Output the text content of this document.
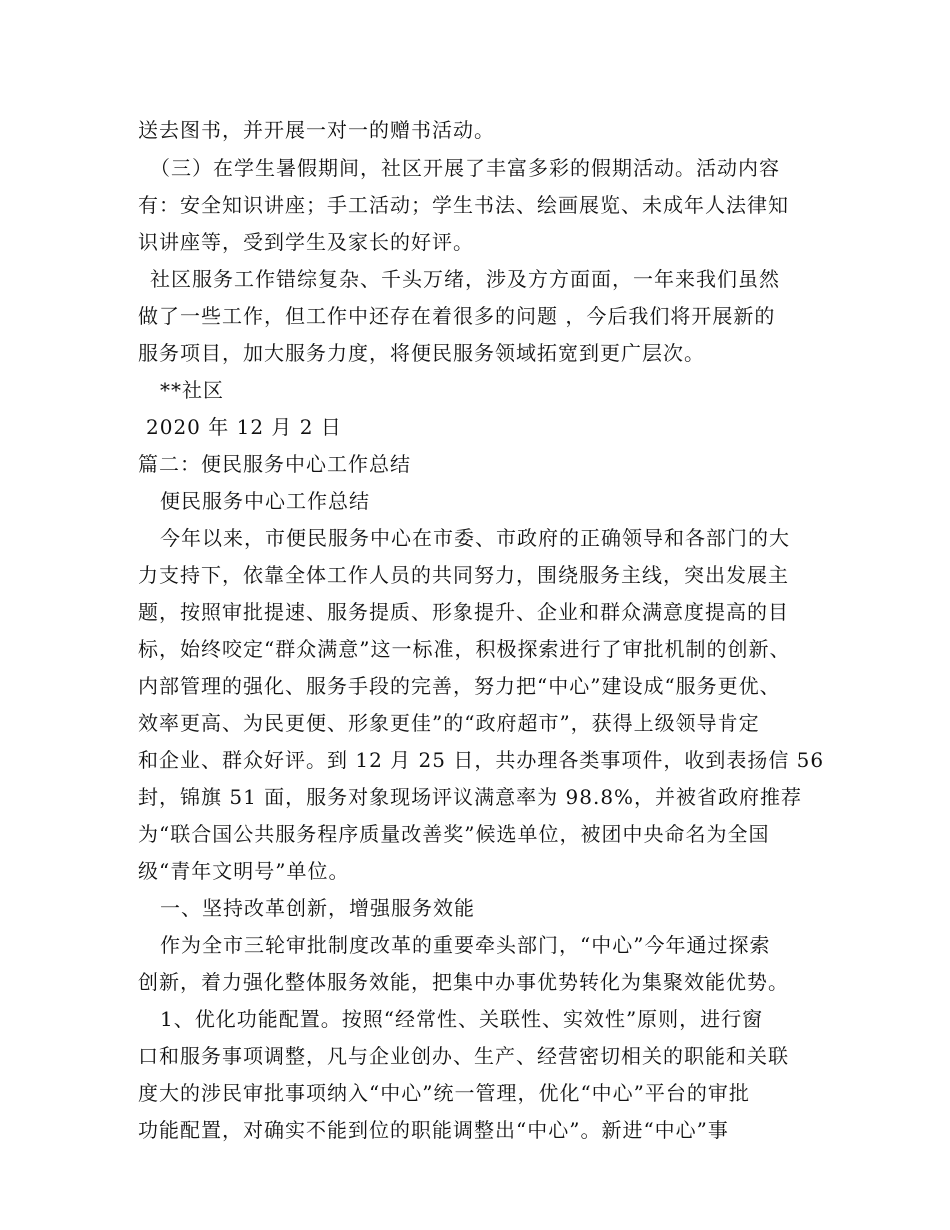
送去图书，并开展一对一的赠书活动。
（三）在学生暑假期间，社区开展了丰富多彩的假期活动。活动内容
有：安全知识讲座；手工活动；学生书法、绘画展览、未成年人法律知
识讲座等，受到学生及家长的好评。
社区服务工作错综复杂、千头万绪，涉及方方面面，一年来我们虽然
做了一些工作，但工作中还存在着很多的问题 ，今后我们将开展新的
服务项目，加大服务力度，将便民服务领域拓宽到更广层次。
**社区
2020 年 12 月 2 日
篇二：便民服务中心工作总结
便民服务中心工作总结
今年以来，市便民服务中心在市委、市政府的正确领导和各部门的大
力支持下，依靠全体工作人员的共同努力，围绕服务主线，突出发展主
题，按照审批提速、服务提质、形象提升、企业和群众满意度提高的目
标，始终咬定“群众满意”这一标准，积极探索进行了审批机制的创新、
内部管理的强化、服务手段的完善，努力把“中心”建设成“服务更优、
效率更高、为民更便、形象更佳”的“政府超市”，获得上级领导肯定
和企业、群众好评。到 12 月 25 日，共办理各类事项件，收到表扬信 56
封，锦旗 51 面，服务对象现场评议满意率为 98.8%，并被省政府推荐
为“联合国公共服务程序质量改善奖”候选单位，被团中央命名为全国
级“青年文明号”单位。
一、坚持改革创新，增强服务效能
作为全市三轮审批制度改革的重要牵头部门，“中心”今年通过探索
创新，着力强化整体服务效能，把集中办事优势转化为集聚效能优势。
1、优化功能配置。按照“经常性、关联性、实效性”原则，进行窗
口和服务事项调整，凡与企业创办、生产、经营密切相关的职能和关联
度大的涉民审批事项纳入“中心”统一管理，优化“中心”平台的审批
功能配置，对确实不能到位的职能调整出“中心”。新进“中心”事
